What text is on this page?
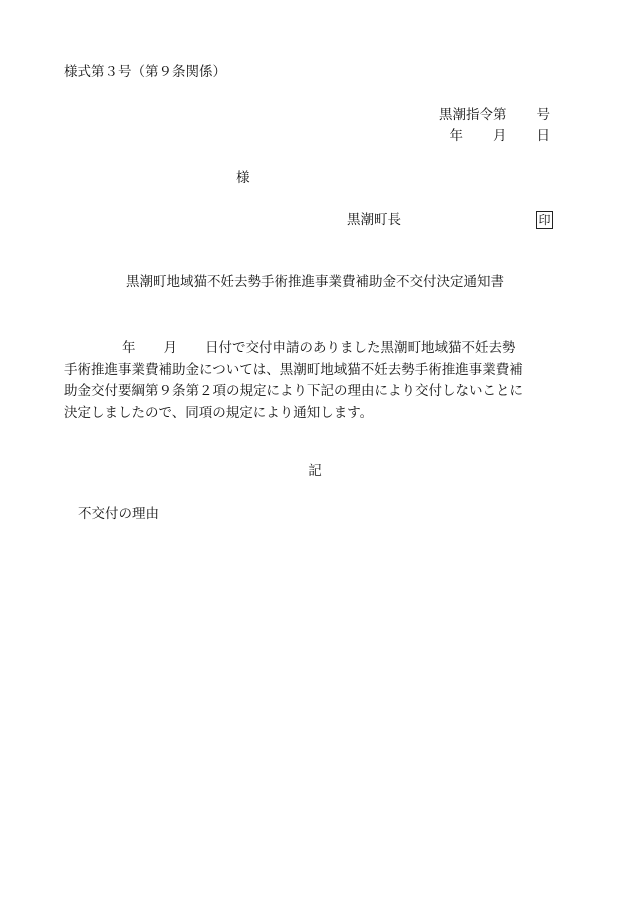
様式第３号（第９条関係）
黒潮指令第 号
年 月 日
様
黒潮町長	印
黒潮町地域猫不妊去勢手術推進事業費補助金不交付決定通知書
年 月 日付で交付申請のありました黒潮町地域猫不妊去勢
手術推進事業費補助金については、黒潮町地域猫不妊去勢手術推進事業費補
助金交付要綱第９条第２項の規定により下記の理由により交付しないことに
決定しましたので、同項の規定により通知します。
記
不交付の理由
